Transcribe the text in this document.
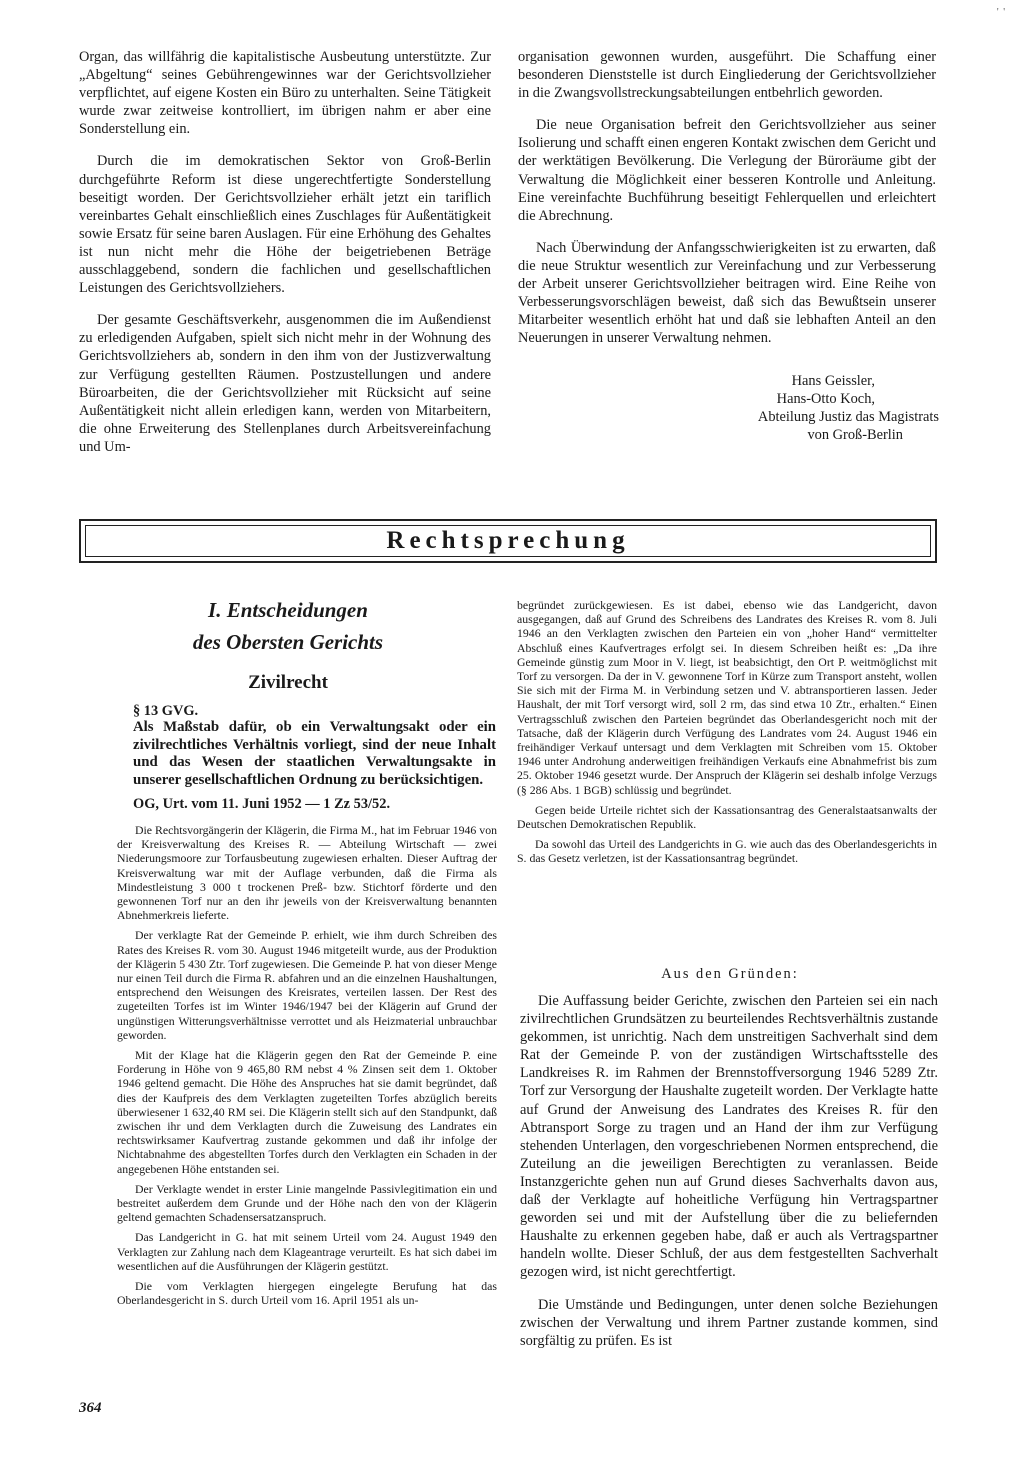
' '

Organ, das willfährig die kapitalistische Ausbeutung unterstützte. Zur „Abgeltung“ seines Gebührengewinnes war der Gerichtsvollzieher verpflichtet, auf eigene Kosten ein Büro zu unterhalten. Seine Tätigkeit wurde zwar zeitweise kontrolliert, im übrigen nahm er aber eine Sonderstellung ein.

Durch die im demokratischen Sektor von Groß-Berlin durchgeführte Reform ist diese ungerechtfertigte Sonderstellung beseitigt worden. Der Gerichtsvollzieher erhält jetzt ein tariflich vereinbartes Gehalt einschließlich eines Zuschlages für Außentätigkeit sowie Ersatz für seine baren Auslagen. Für eine Erhöhung des Gehaltes ist nun nicht mehr die Höhe der beigetriebenen Beträge ausschlaggebend, sondern die fachlichen und gesellschaftlichen Leistungen des Gerichtsvollziehers.

Der gesamte Geschäftsverkehr, ausgenommen die im Außendienst zu erledigenden Aufgaben, spielt sich nicht mehr in der Wohnung des Gerichtsvollziehers ab, sondern in den ihm von der Justizverwaltung zur Verfügung gestellten Räumen. Postzustellungen und andere Büroarbeiten, die der Gerichtsvollzieher mit Rücksicht auf seine Außentätigkeit nicht allein erledigen kann, werden von Mitarbeitern, die ohne Erweiterung des Stellenplanes durch Arbeitsvereinfachung und Um-

organisation gewonnen wurden, ausgeführt. Die Schaffung einer besonderen Dienststelle ist durch Eingliederung der Gerichtsvollzieher in die Zwangsvollstreckungsabteilungen entbehrlich geworden.

Die neue Organisation befreit den Gerichtsvollzieher aus seiner Isolierung und schafft einen engeren Kontakt zwischen dem Gericht und der werktätigen Bevölkerung. Die Verlegung der Büroräume gibt der Verwaltung die Möglichkeit einer besseren Kontrolle und Anleitung. Eine vereinfachte Buchführung beseitigt Fehlerquellen und erleichtert die Abrechnung.

Nach Überwindung der Anfangsschwierigkeiten ist zu erwarten, daß die neue Struktur wesentlich zur Vereinfachung und zur Verbesserung der Arbeit unserer Gerichtsvollzieher beitragen wird. Eine Reihe von Verbesserungsvorschlägen beweist, daß sich das Bewußtsein unserer Mitarbeiter wesentlich erhöht hat und daß sie lebhaften Anteil an den Neuerungen in unserer Verwaltung nehmen.

Hans Geissler,
Hans-Otto Koch,
Abteilung Justiz das Magistrats
von Groß-Berlin
Rechtsprechung
I. Entscheidungen
des Obersten Gerichts
Zivilrecht
§ 13 GVG.
Als Maßstab dafür, ob ein Verwaltungsakt oder ein zivilrechtliches Verhältnis vorliegt, sind der neue Inhalt und das Wesen der staatlichen Verwaltungsakte in unserer gesellschaftlichen Ordnung zu berücksichtigen.
OG, Urt. vom 11. Juni 1952 — 1 Zz 53/52.

Die Rechtsvorgängerin der Klägerin, die Firma M., hat im Februar 1946 von der Kreisverwaltung des Kreises R. — Abteilung Wirtschaft — zwei Niederungsmoore zur Torfausbeutung zugewiesen erhalten. Dieser Auftrag der Kreisverwaltung war mit der Auflage verbunden, daß die Firma als Mindestleistung 3 000 t trockenen Preß- bzw. Stichtorf förderte und den gewonnenen Torf nur an den ihr jeweils von der Kreisverwaltung benannten Abnehmerkreis lieferte.

Der verklagte Rat der Gemeinde P. erhielt, wie ihm durch Schreiben des Rates des Kreises R. vom 30. August 1946 mitgeteilt wurde, aus der Produktion der Klägerin 5 430 Ztr. Torf zugewiesen. Die Gemeinde P. hat von dieser Menge nur einen Teil durch die Firma R. abfahren und an die einzelnen Haushaltungen, entsprechend den Weisungen des Kreisrates, verteilen lassen. Der Rest des zugeteilten Torfes ist im Winter 1946/1947 bei der Klägerin auf Grund der ungünstigen Witterungsverhältnisse verrottet und als Heizmaterial unbrauchbar geworden.

Mit der Klage hat die Klägerin gegen den Rat der Gemeinde P. eine Forderung in Höhe von 9 465,80 RM nebst 4 % Zinsen seit dem 1. Oktober 1946 geltend gemacht. Die Höhe des Anspruches hat sie damit begründet, daß dies der Kaufpreis des dem Verklagten zugeteilten Torfes abzüglich bereits überwiesener 1 632,40 RM sei. Die Klägerin stellt sich auf den Standpunkt, daß zwischen ihr und dem Verklagten durch die Zuweisung des Landrates ein rechtswirksamer Kaufvertrag zustande gekommen und daß ihr infolge der Nichtabnahme des abgestellten Torfes durch den Verklagten ein Schaden in der angegebenen Höhe entstanden sei.

Der Verklagte wendet in erster Linie mangelnde Passivlegitimation ein und bestreitet außerdem dem Grunde und der Höhe nach den von der Klägerin geltend gemachten Schadensersatzanspruch.

Das Landgericht in G. hat mit seinem Urteil vom 24. August 1949 den Verklagten zur Zahlung nach dem Klageantrage verurteilt. Es hat sich dabei im wesentlichen auf die Ausführungen der Klägerin gestützt.

Die vom Verklagten hiergegen eingelegte Berufung hat das Oberlandesgericht in S. durch Urteil vom 16. April 1951 als un-

begründet zurückgewiesen. Es ist dabei, ebenso wie das Landgericht, davon ausgegangen, daß auf Grund des Schreibens des Landrates des Kreises R. vom 8. Juli 1946 an den Verklagten zwischen den Parteien ein von „hoher Hand“ vermittelter Abschluß eines Kaufvertrages erfolgt sei. In diesem Schreiben heißt es: „Da ihre Gemeinde günstig zum Moor in V. liegt, ist beabsichtigt, den Ort P. weitmöglichst mit Torf zu versorgen. Da der in V. gewonnene Torf in Kürze zum Transport ansteht, wollen Sie sich mit der Firma M. in Verbindung setzen und V. abtransportieren lassen. Jeder Haushalt, der mit Torf versorgt wird, soll 2 rm, das sind etwa 10 Ztr., erhalten.“ Einen Vertragsschluß zwischen den Parteien begründet das Oberlandesgericht noch mit der Tatsache, daß der Klägerin durch Verfügung des Landrates vom 24. August 1946 ein freihändiger Verkauf untersagt und dem Verklagten mit Schreiben vom 15. Oktober 1946 unter Androhung anderweitigen freihändigen Verkaufs eine Abnahmefrist bis zum 25. Oktober 1946 gesetzt wurde. Der Anspruch der Klägerin sei deshalb infolge Verzugs (§ 286 Abs. 1 BGB) schlüssig und begründet.

Gegen beide Urteile richtet sich der Kassationsantrag des Generalstaatsanwalts der Deutschen Demokratischen Republik.

Da sowohl das Urteil des Landgerichts in G. wie auch das des Oberlandesgerichts in S. das Gesetz verletzen, ist der Kassationsantrag begründet.

Aus den Gründen:

Die Auffassung beider Gerichte, zwischen den Parteien sei ein nach zivilrechtlichen Grundsätzen zu beurteilendes Rechtsverhältnis zustande gekommen, ist unrichtig. Nach dem unstreitigen Sachverhalt sind dem Rat der Gemeinde P. von der zuständigen Wirtschaftsstelle des Landkreises R. im Rahmen der Brennstoffversorgung 1946 5289 Ztr. Torf zur Versorgung der Haushalte zugeteilt worden. Der Verklagte hatte auf Grund der Anweisung des Landrates des Kreises R. für den Abtransport Sorge zu tragen und an Hand der ihm zur Verfügung stehenden Unterlagen, den vorgeschriebenen Normen entsprechend, die Zuteilung an die jeweiligen Berechtigten zu veranlassen. Beide Instanzgerichte gehen nun auf Grund dieses Sachverhalts davon aus, daß der Verklagte auf hoheitliche Verfügung hin Vertragspartner geworden sei und mit der Aufstellung über die zu beliefernden Haushalte zu erkennen gegeben habe, daß er auch als Vertragspartner handeln wollte. Dieser Schluß, der aus dem festgestellten Sachverhalt gezogen wird, ist nicht gerechtfertigt.

Die Umstände und Bedingungen, unter denen solche Beziehungen zwischen der Verwaltung und ihrem Partner zustande kommen, sind sorgfältig zu prüfen. Es ist

364
